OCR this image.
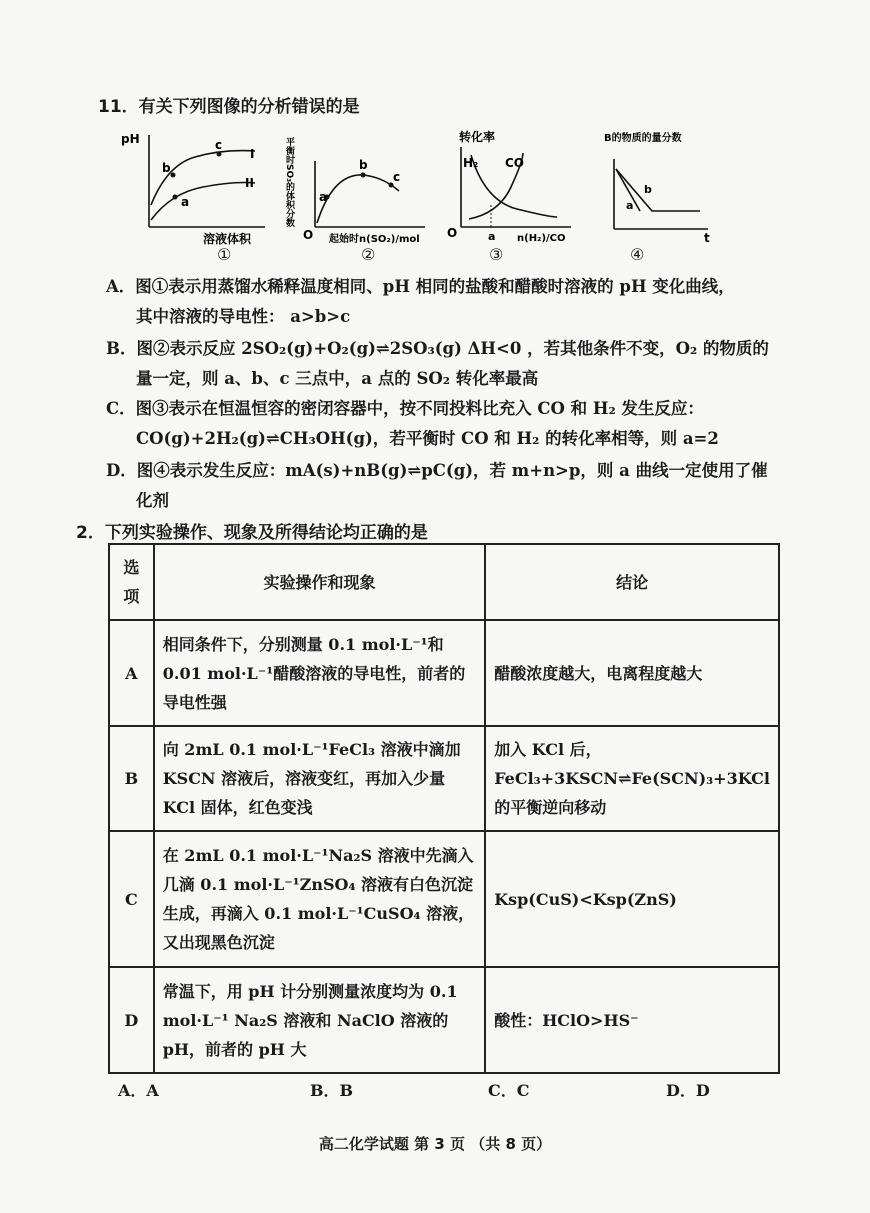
11．有关下列图像的分析错误的是
pH
b
a
c
I
II
溶液体积
①
平衡时SO₃的体积分数 a
b
c
O 起始时n(SO₂)/mol
②
转化率
H₂ CO
O	a n(H₂)/CO
③
B的物质的量分数
b
a
t
④
A．图①表示用蒸馏水稀释温度相同、pH 相同的盐酸和醋酸时溶液的 pH 变化曲线，

其中溶液的导电性： a>b>c
B．图②表示反应 2SO₂(g)+O₂(g)⇌2SO₃(g) ΔH<0 ，若其他条件不变，O₂ 的物质的

量一定，则 a、b、c 三点中，a 点的 SO₂ 转化率最高
C．图③表示在恒温恒容的密闭容器中，按不同投料比充入 CO 和 H₂ 发生反应：

CO(g)+2H₂(g)⇌CH₃OH(g)，若平衡时 CO 和 H₂ 的转化率相等，则 a=2
D．图④表示发生反应：mA(s)+nB(g)⇌pC(g)，若 m+n>p，则 a 曲线一定使用了催

化剂
2．下列实验操作、现象及所得结论均正确的是
选项	实验操作和现象	结论
A	相同条件下，分别测量 0.1 mol·L⁻¹和 0.01 mol·L⁻¹醋酸溶液的导电性，前者的导电性强	醋酸浓度越大，电离程度越大
B	向 2mL 0.1 mol·L⁻¹FeCl₃ 溶液中滴加 KSCN 溶液后，溶液变红，再加入少量 KCl 固体，红色变浅	加入 KCl 后，FeCl₃+3KSCN⇌Fe(SCN)₃+3KCl 的平衡逆向移动
C	在 2mL 0.1 mol·L⁻¹Na₂S 溶液中先滴入几滴 0.1 mol·L⁻¹ZnSO₄ 溶液有白色沉淀生成，再滴入 0.1 mol·L⁻¹CuSO₄ 溶液，又出现黑色沉淀	Ksp(CuS)<Ksp(ZnS)
D	常温下，用 pH 计分别测量浓度均为 0.1 mol·L⁻¹ Na₂S 溶液和 NaClO 溶液的 pH，前者的 pH 大	酸性：HClO>HS⁻
A．A	B．B	C．C	D．D
高二化学试题 第 3 页 （共 8 页）
